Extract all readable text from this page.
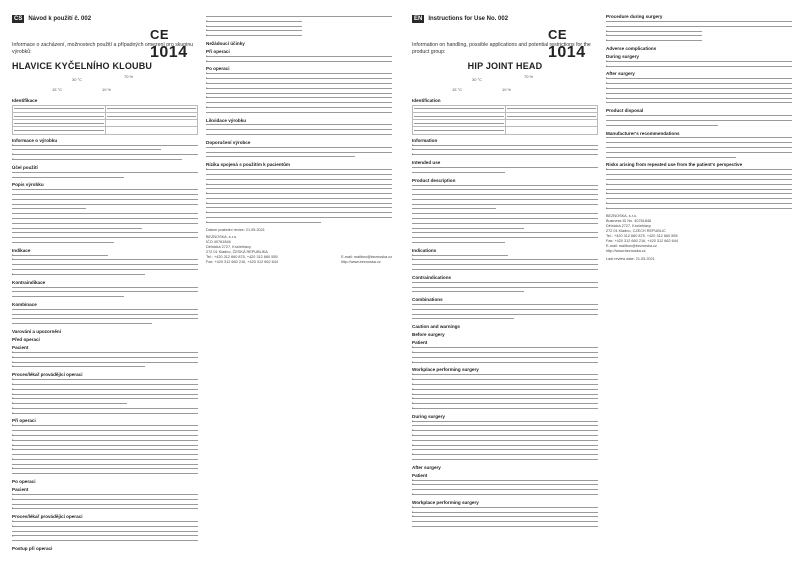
CS	Návod k použití č. 002
CE 1014
Informace o zacházení, možnostech použití a případných omezení pro skupinu výrobků:
HLAVICE KYČELNÍHO KLOUBU
30 °C
70 %
15 °C	10 %
Identifikace

Informace o výrobku
•
•
•
Účel použití
Popis výrobku
Indikace
•
•
•
Kontraindikace
Kombinace
Varování a upozornění
Před operací
Pacient
•
•
•
•
Proces/lékař provádějící operaci
•
•
•
•
•
•
•
•
Při operaci
•
•
•
•
•
•
•
Po operaci
Pacient
•
•
•
Proces/lékař provádějící operaci
•
•
•
Postup při operaci
•
•
•
•
Nežádoucí účinky
Při operaci
•
•
Po operaci
•
•
•
•
•
•
Likvidace výrobku
Doporučení výrobce
Rizika spojená s použitím k pacientům
•
•
•
•
•
•
Datum poslední revize: 21.05.2021
BEZNOSKA, s.r.o.
IČO 40761846
Dělnická 2727, Kročehlavy
272 01 Kladno, ČESKÁ REPUBLIKA
Tel.: +420 312 660 875, +420 312 660 555
Fax: +420 312 660 216, +420 312 662 644
E-mail: mailbox@beznoska.cz
http://www.beznoska.cz
EN	Instructions for Use No. 002
CE 1014
Information on handling, possible applications and potential restrictions for the product group:
HIP JOINT HEAD
30 °C
70 %
15 °C	10 %
Identification

Information
•
•
•
Intended use
Product description
Indications
•
•
Contraindications
Combinations
Caution and warnings
Before surgery
Patient
•
•
•
Workplace performing surgery
•
•
•
•
•
•
•
•
During surgery
•
•
•
•
•
After surgery
Patient
•
•
•
Workplace performing surgery
•
•
•
Procedure during surgery
•
•
•
Adverse complications
During surgery
•
•
After surgery
•
•
•
•
Product disposal
Manufacturer's recommendations
Risks arising from repeated use from the patient's perspective
•
•
•
•
•
BEZNOSKA, s.r.o.
Business ID No. 40761846
Dělnická 2727, Kročehlavy
272 01 Kladno, CZECH REPUBLIC
Tel.: +420 312 660 875, +420 312 660 555
Fax: +420 312 660 216, +420 312 662 644
E-mail: mailbox@beznoska.cz
http://www.beznoska.cz
Last review date: 21.05.2021
